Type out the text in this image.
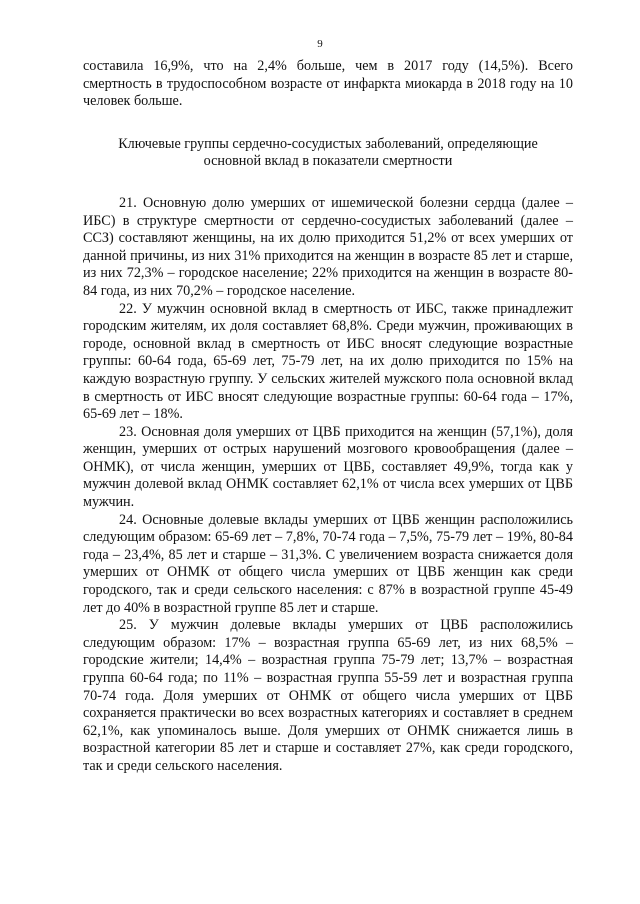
9

составила 16,9%, что на 2,4% больше, чем в 2017 году (14,5%). Всего смертность в трудоспособном возрасте от инфаркта миокарда в 2018 году на 10 человек больше.

Ключевые группы сердечно-сосудистых заболеваний, определяющие основной вклад в показатели смертности

21. Основную долю умерших от ишемической болезни сердца (далее – ИБС) в структуре смертности от сердечно-сосудистых заболеваний (далее – ССЗ) составляют женщины, на их долю приходится 51,2% от всех умерших от данной причины, из них 31% приходится на женщин в возрасте 85 лет и старше, из них 72,3% – городское население; 22% приходится на женщин в возрасте 80-84 года, из них 70,2% – городское население.

22. У мужчин основной вклад в смертность от ИБС, также принадлежит городским жителям, их доля составляет 68,8%. Среди мужчин, проживающих в городе, основной вклад в смертность от ИБС вносят следующие возрастные группы: 60-64 года, 65-69 лет, 75-79 лет, на их долю приходится по 15% на каждую возрастную группу. У сельских жителей мужского пола основной вклад в смертность от ИБС вносят следующие возрастные группы: 60-64 года – 17%, 65-69 лет – 18%.

23. Основная доля умерших от ЦВБ приходится на женщин (57,1%), доля женщин, умерших от острых нарушений мозгового кровообращения (далее – ОНМК), от числа женщин, умерших от ЦВБ, составляет 49,9%, тогда как у мужчин долевой вклад ОНМК составляет 62,1% от числа всех умерших от ЦВБ мужчин.

24. Основные долевые вклады умерших от ЦВБ женщин расположились следующим образом: 65-69 лет – 7,8%, 70-74 года – 7,5%, 75-79 лет – 19%, 80-84 года – 23,4%, 85 лет и старше – 31,3%. С увеличением возраста снижается доля умерших от ОНМК от общего числа умерших от ЦВБ женщин как среди городского, так и среди сельского населения: с 87% в возрастной группе 45-49 лет до 40% в возрастной группе 85 лет и старше.

25. У мужчин долевые вклады умерших от ЦВБ расположились следующим образом: 17% – возрастная группа 65-69 лет, из них 68,5% – городские жители; 14,4% – возрастная группа 75-79 лет; 13,7% – возрастная группа 60-64 года; по 11% – возрастная группа 55-59 лет и возрастная группа 70-74 года. Доля умерших от ОНМК от общего числа умерших от ЦВБ сохраняется практически во всех возрастных категориях и составляет в среднем 62,1%, как упоминалось выше. Доля умерших от ОНМК снижается лишь в возрастной категории 85 лет и старше и составляет 27%, как среди городского, так и среди сельского населения.
